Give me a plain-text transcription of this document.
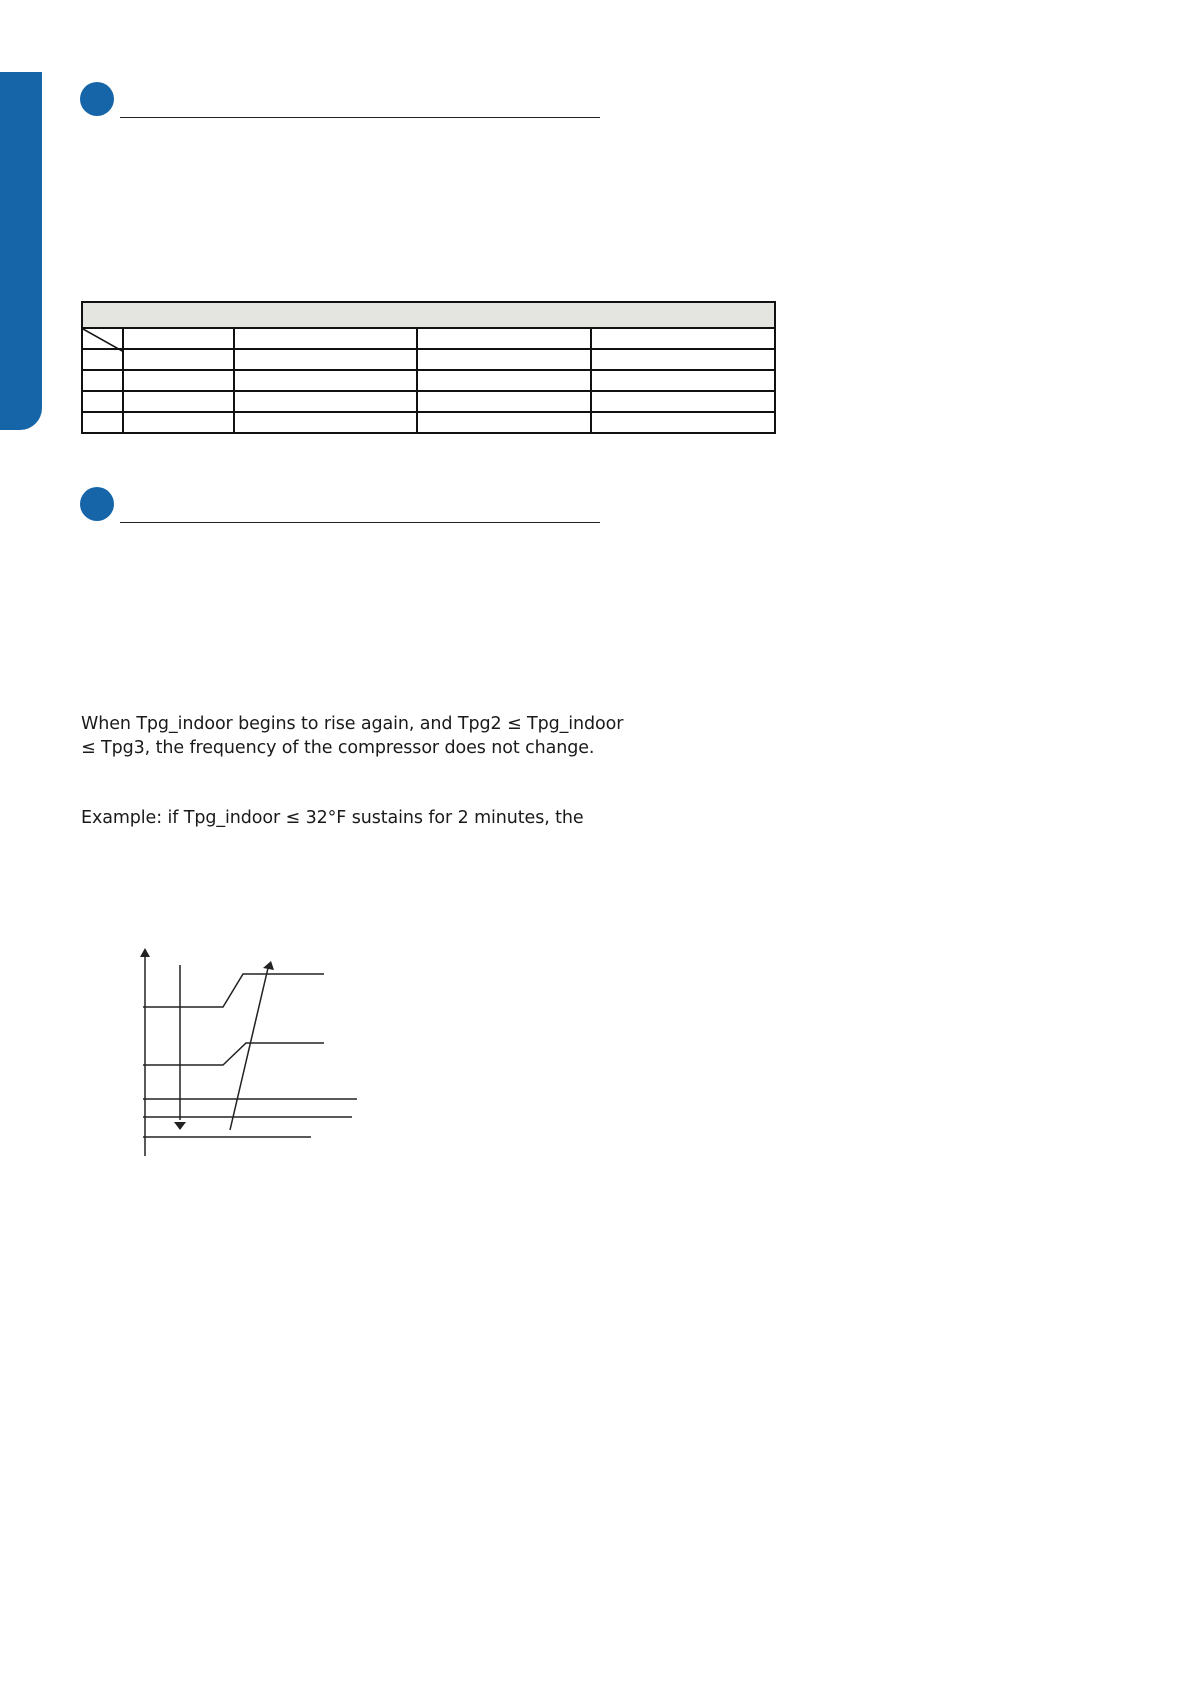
When Tpg_indoor begins to rise again, and Tpg2 ≤ Tpg_indoor
≤ Tpg3, the frequency of the compressor does not change.

Example: if Tpg_indoor ≤ 32°F sustains for 2 minutes, the
